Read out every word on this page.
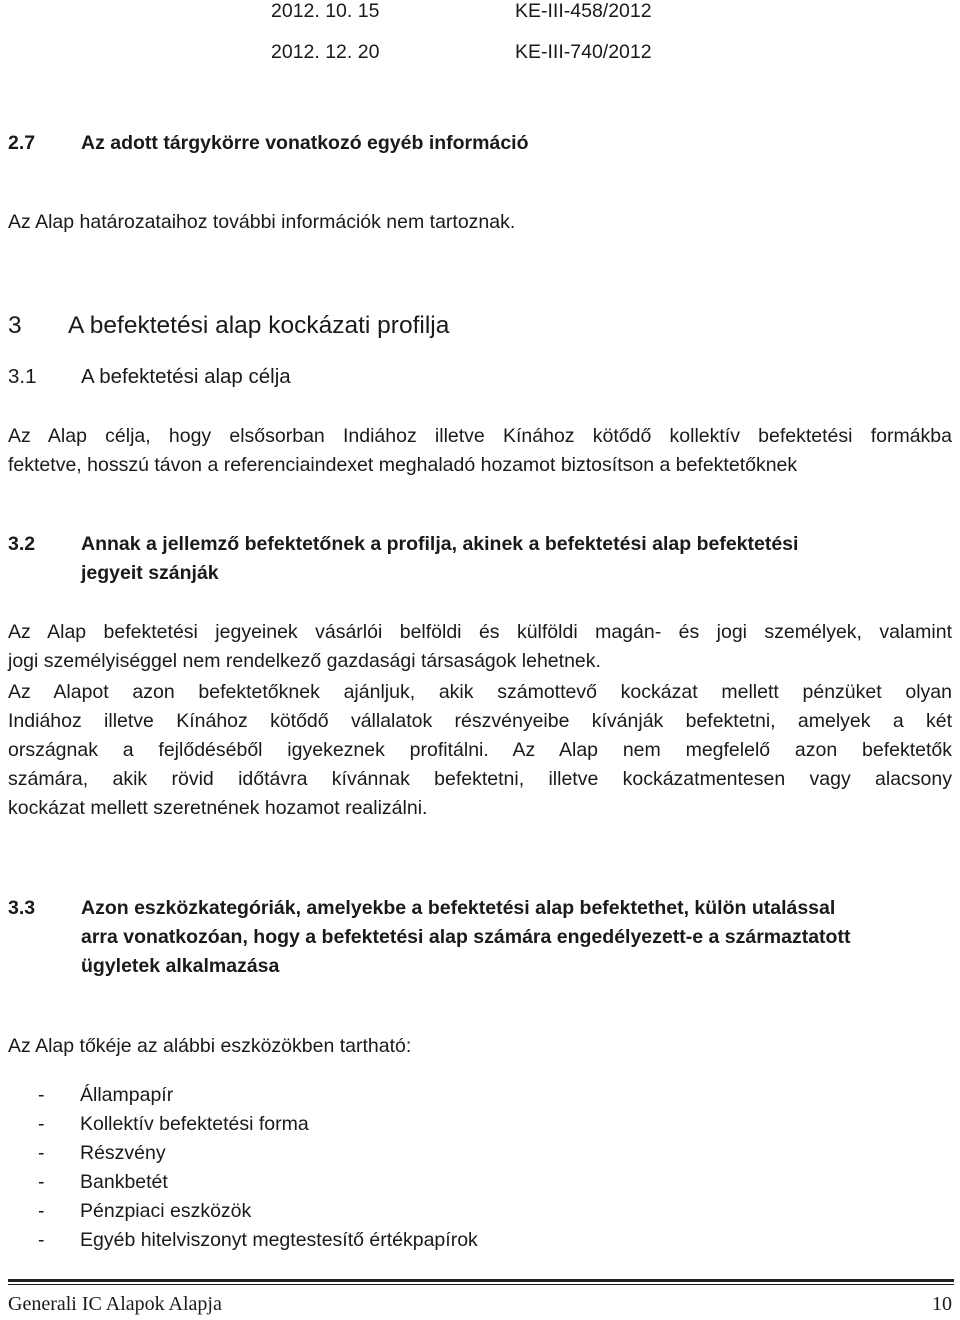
2012. 10. 15	KE-III-458/2012
2012. 12. 20	KE-III-740/2012
2.7 Az adott tárgykörre vonatkozó egyéb információ
Az Alap határozataihoz további információk nem tartoznak.
3 A befektetési alap kockázati profilja
3.1 A befektetési alap célja
Az Alap célja, hogy elsősorban Indiához illetve Kínához kötődő kollektív befektetési formákba
fektetve, hosszú távon a referenciaindexet meghaladó hozamot biztosítson a befektetőknek
3.2 Annak a jellemző befektetőnek a profilja, akinek a befektetési alap befektetési
jegyeit szánják
Az Alap befektetési jegyeinek vásárlói belföldi és külföldi magán- és jogi személyek, valamint
jogi személyiséggel nem rendelkező gazdasági társaságok lehetnek.
Az Alapot azon befektetőknek ajánljuk, akik számottevő kockázat mellett pénzüket olyan
Indiához illetve Kínához kötődő vállalatok részvényeibe kívánják befektetni, amelyek a két
országnak a fejlődéséből igyekeznek profitálni. Az Alap nem megfelelő azon befektetők
számára, akik rövid időtávra kívánnak befektetni, illetve kockázatmentesen vagy alacsony
kockázat mellett szeretnének hozamot realizálni.
3.3 Azon eszközkategóriák, amelyekbe a befektetési alap befektethet, külön utalással
arra vonatkozóan, hogy a befektetési alap számára engedélyezett-e a származtatott
ügyletek alkalmazása
Az Alap tőkéje az alábbi eszközökben tartható:
- Állampapír
- Kollektív befektetési forma
- Részvény
- Bankbetét
- Pénzpiaci eszközök
- Egyéb hitelviszonyt megtestesítő értékpapírok
Generali IC Alapok Alapja	10
